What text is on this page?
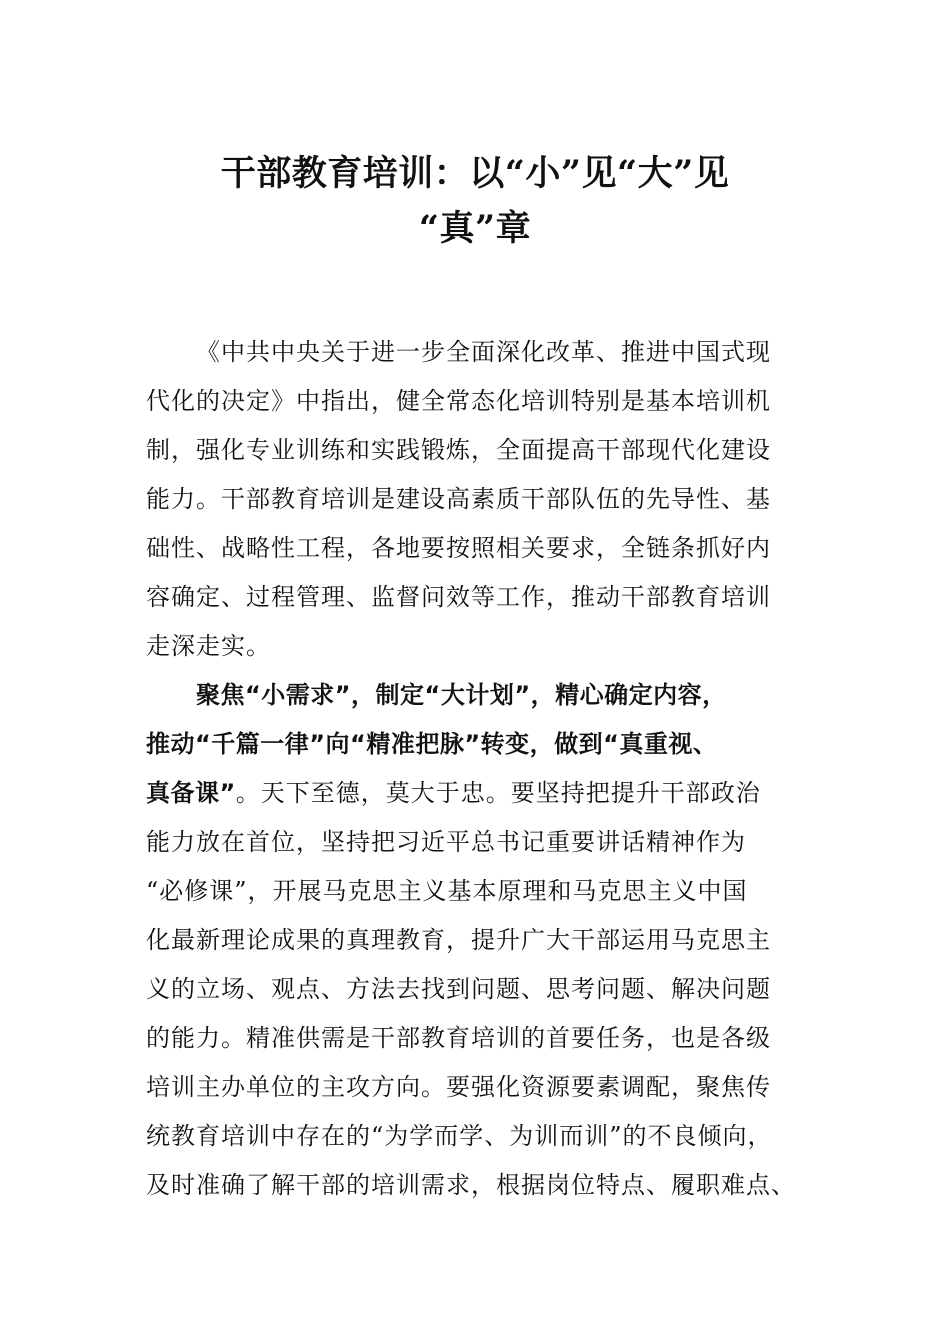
干部教育培训：以“小”见“大”见
“真”章
《中共中央关于进一步全面深化改革、推进中国式现
代化的决定》中指出，健全常态化培训特别是基本培训机
制，强化专业训练和实践锻炼，全面提高干部现代化建设
能力。干部教育培训是建设高素质干部队伍的先导性、基
础性、战略性工程，各地要按照相关要求，全链条抓好内
容确定、过程管理、监督问效等工作，推动干部教育培训
走深走实。
聚焦“小需求”，制定“大计划”，精心确定内容，
推动“千篇一律”向“精准把脉”转变，做到“真重视、
真备课”。天下至德，莫大于忠。要坚持把提升干部政治
能力放在首位，坚持把习近平总书记重要讲话精神作为
“必修课”，开展马克思主义基本原理和马克思主义中国
化最新理论成果的真理教育，提升广大干部运用马克思主
义的立场、观点、方法去找到问题、思考问题、解决问题
的能力。精准供需是干部教育培训的首要任务，也是各级
培训主办单位的主攻方向。要强化资源要素调配，聚焦传
统教育培训中存在的“为学而学、为训而训”的不良倾向，
及时准确了解干部的培训需求，根据岗位特点、履职难点、
